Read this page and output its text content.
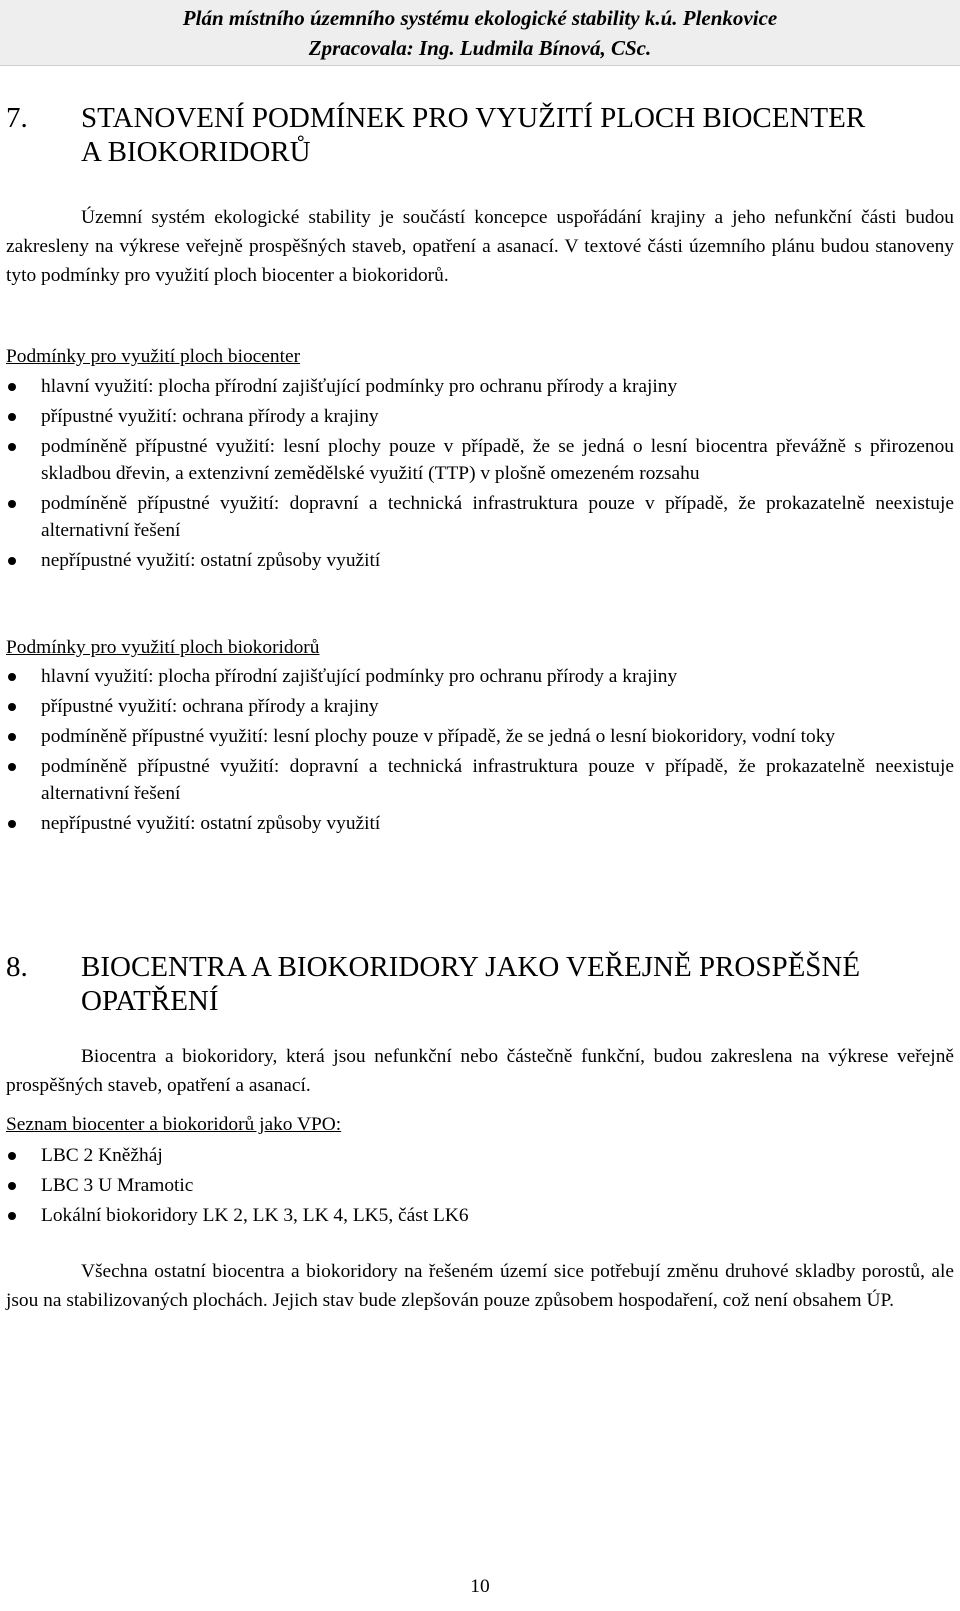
Plán místního územního systému ekologické stability k.ú. Plenkovice
Zpracovala: Ing. Ludmila Bínová, CSc.
7. STANOVENÍ PODMÍNEK PRO VYUŽITÍ PLOCH BIOCENTER
A BIOKORIDORŮ
Územní systém ekologické stability je součástí koncepce uspořádání krajiny a jeho nefunkční části budou zakresleny na výkrese veřejně prospěšných staveb, opatření a asanací. V textové části územního plánu budou stanoveny tyto podmínky pro využití ploch biocenter a biokoridorů.
Podmínky pro využití ploch biocenter
hlavní využití: plocha přírodní zajišťující podmínky pro ochranu přírody a krajiny
přípustné využití: ochrana přírody a krajiny
podmíněně přípustné využití: lesní plochy pouze v případě, že se jedná o lesní biocentra převážně s přirozenou skladbou dřevin, a extenzivní zemědělské využití (TTP) v plošně omezeném rozsahu
podmíněně přípustné využití: dopravní a technická infrastruktura pouze v případě, že prokazatelně neexistuje alternativní řešení
nepřípustné využití: ostatní způsoby využití
Podmínky pro využití ploch biokoridorů
hlavní využití: plocha přírodní zajišťující podmínky pro ochranu přírody a krajiny
přípustné využití: ochrana přírody a krajiny
podmíněně přípustné využití: lesní plochy pouze v případě, že se jedná o lesní biokoridory, vodní toky
podmíněně přípustné využití: dopravní a technická infrastruktura pouze v případě, že prokazatelně neexistuje alternativní řešení
nepřípustné využití: ostatní způsoby využití
8. BIOCENTRA A BIOKORIDORY JAKO VEŘEJNĚ PROSPĚŠNÉ
OPATŘENÍ
Biocentra a biokoridory, která jsou nefunkční nebo částečně funkční, budou zakreslena na výkrese veřejně prospěšných staveb, opatření a asanací.
Seznam biocenter a biokoridorů jako VPO:
LBC 2 Kněžháj
LBC 3 U Mramotic
Lokální biokoridory LK 2, LK 3, LK 4, LK5, část LK6
Všechna ostatní biocentra a biokoridory na řešeném území sice potřebují změnu druhové skladby porostů, ale jsou na stabilizovaných plochách. Jejich stav bude zlepšován pouze způsobem hospodaření, což není obsahem ÚP.
10
